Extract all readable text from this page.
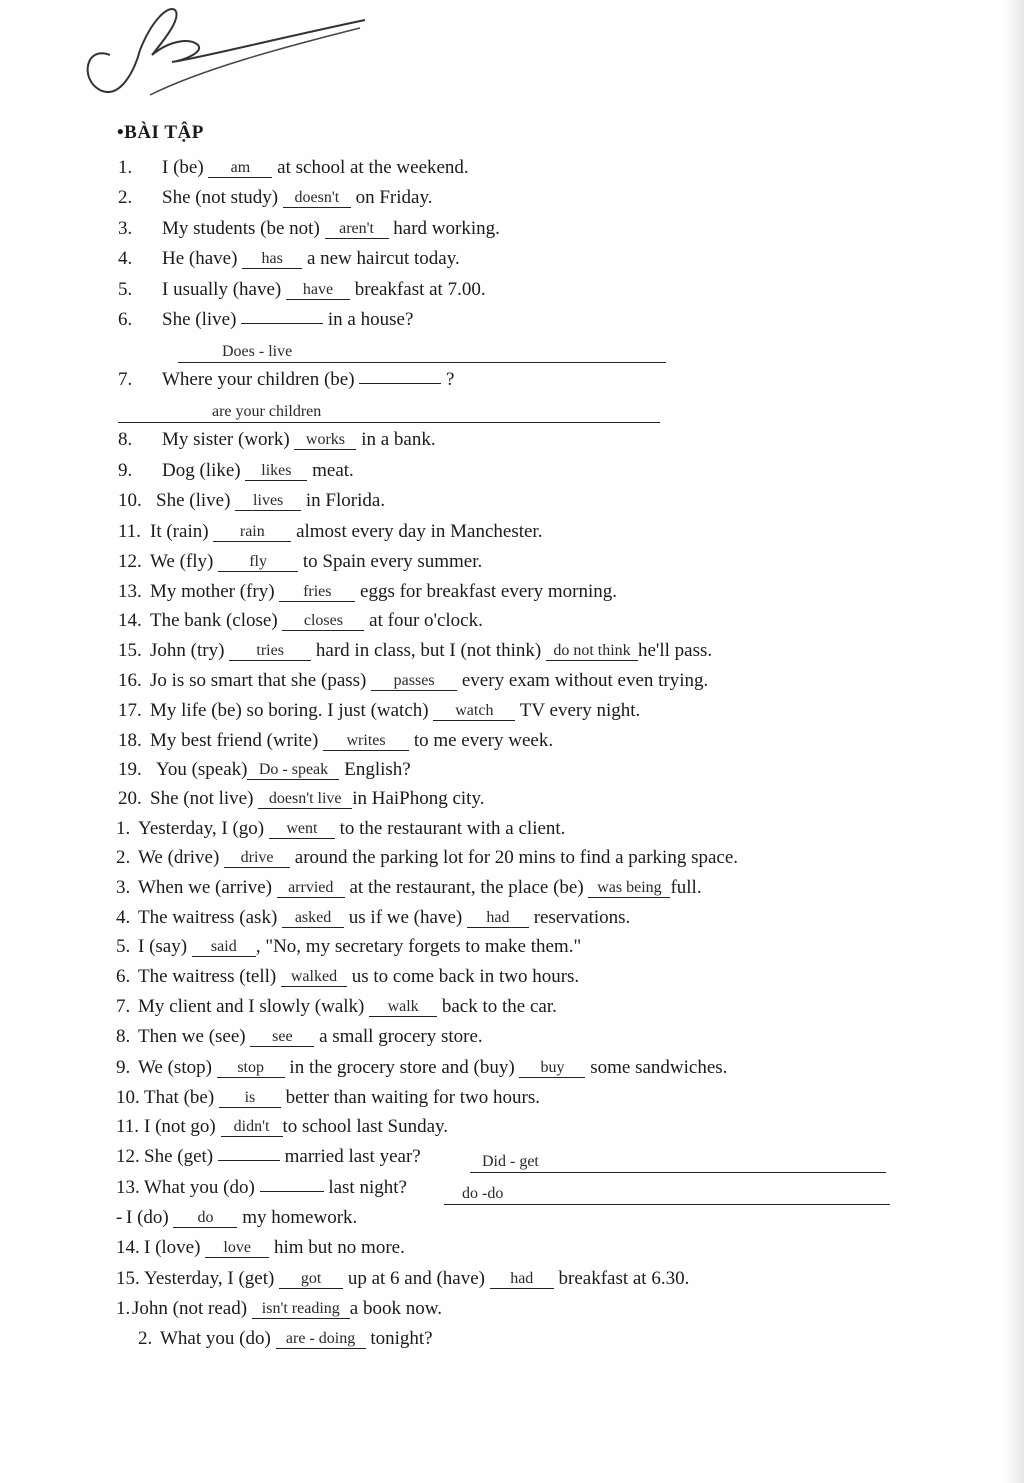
•BÀI TẬP
1. I (be) am at school at the weekend.
2. She (not study) doesn't on Friday.
3. My students (be not) aren't hard working.
4. He (have) has a new haircut today.
5. I usually (have) have breakfast at 7.00.
6. She (live)	in a house?
Does - live
7. Where your children (be)	?
are your children
8. My sister (work) works in a bank.
9. Dog (like) likes meat.
10. She (live) lives in Florida.
11. It (rain) rain almost every day in Manchester.
12. We (fly) fly to Spain every summer.
13. My mother (fry) fries eggs for breakfast every morning.
14. The bank (close) closes at four o'clock.
15. John (try) tries hard in class, but I (not think) do not think he'll pass.
16. Jo is so smart that she (pass) passes every exam without even trying.
17. My life (be) so boring. I just (watch) watch TV every night.
18. My best friend (write) writes to me every week.
19. You (speak) Do - speak English?
20. She (not live) doesn't live in HaiPhong city.
1. Yesterday, I (go) went to the restaurant with a client.
2. We (drive) drive around the parking lot for 20 mins to find a parking space.
3. When we (arrive) arrvied at the restaurant, the place (be) was being full.
4. The waitress (ask) asked us if we (have) had reservations.
5. I (say) said , "No, my secretary forgets to make them."
6. The waitress (tell) walked us to come back in two hours.
7. My client and I slowly (walk) walk back to the car.
8. Then we (see) see a small grocery store.
9. We (stop) stop in the grocery store and (buy) buy some sandwiches.
10. That (be) is better than waiting for two hours.
11. I (not go) didn't to school last Sunday.
12. She (get)	married last year?	Did - get
13. What you (do)	last night?	do -do
- I (do) do my homework.
14. I (love) love him but no more.
15. Yesterday, I (get) got up at 6 and (have) had breakfast at 6.30.
1. John (not read) isn't reading a book now.
2. What you (do) are - doing tonight?
